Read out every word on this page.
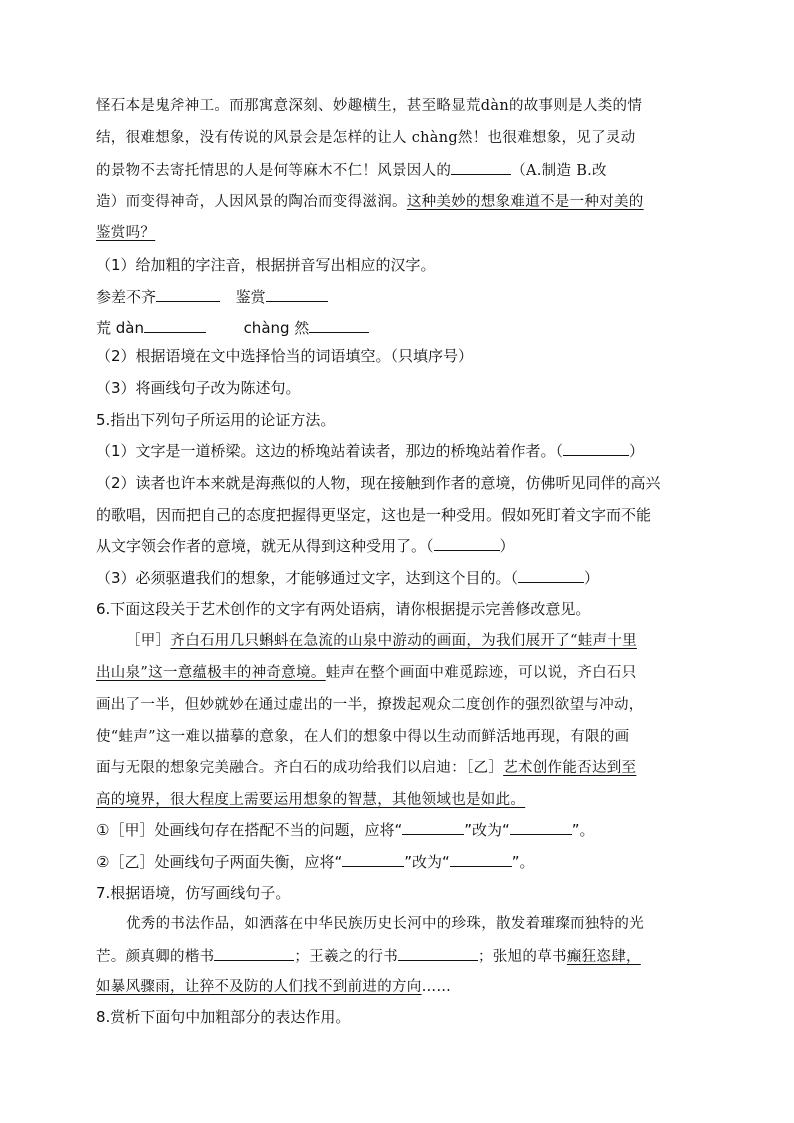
怪石本是鬼斧神工。而那寓意深刻、妙趣横生，甚至略显荒dàn的故事则是人类的情
结，很难想象，没有传说的风景会是怎样的让人 chàng然！也很难想象，见了灵动
的景物不去寄托情思的人是何等麻木不仁！风景因人的	（A.制造 B.改
造）而变得神奇，人因风景的陶冶而变得滋润。这种美妙的想象难道不是一种对美的
鉴赏吗？
（1）给加粗的字注音，根据拼音写出相应的汉字。
参差不齐	鉴赏
荒 dàn	chàng 然
（2）根据语境在文中选择恰当的词语填空。（只填序号）
（3）将画线句子改为陈述句。
5.指出下列句子所运用的论证方法。
（1）文字是一道桥梁。这边的桥堍站着读者，那边的桥堍站着作者。（	）
（2）读者也许本来就是海燕似的人物，现在接触到作者的意境，仿佛听见同伴的高兴
的歌唱，因而把自己的态度把握得更坚定，这也是一种受用。假如死盯着文字而不能
从文字领会作者的意境，就无从得到这种受用了。（	）
（3）必须驱遣我们的想象，才能够通过文字，达到这个目的。（	）
6.下面这段关于艺术创作的文字有两处语病，请你根据提示完善修改意见。
［甲］齐白石用几只蝌蚪在急流的山泉中游动的画面，为我们展开了“蛙声十里
出山泉”这一意蕴极丰的神奇意境。蛙声在整个画面中难觅踪迹，可以说，齐白石只
画出了一半，但妙就妙在通过虚出的一半，撩拨起观众二度创作的强烈欲望与冲动，
使“蛙声”这一难以描摹的意象，在人们的想象中得以生动而鲜活地再现，有限的画
面与无限的想象完美融合。齐白石的成功给我们以启迪：［乙］艺术创作能否达到至
高的境界，很大程度上需要运用想象的智慧，其他领域也是如此。
①［甲］处画线句存在搭配不当的问题，应将“	”改为“	”。
②［乙］处画线句子两面失衡，应将“	”改为“	”。
7.根据语境，仿写画线句子。
优秀的书法作品，如洒落在中华民族历史长河中的珍珠，散发着璀璨而独特的光
芒。颜真卿的楷书	；王羲之的行书	；张旭的草书癫狂恣肆，
如暴风骤雨，让猝不及防的人们找不到前进的方向……
8.赏析下面句中加粗部分的表达作用。
